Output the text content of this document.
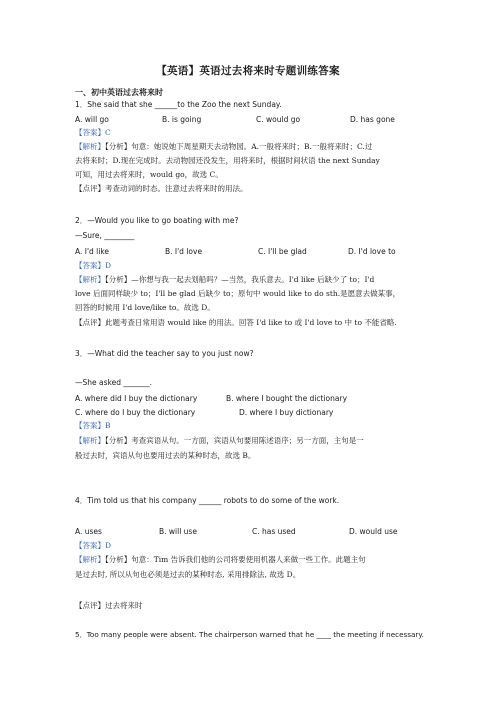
【英语】英语过去将来时专题训练答案
一、初中英语过去将来时
1．She said that she ______to the Zoo the next Sunday.
A. will go	B. is going	C. would go	D. has gone
【答案】C
【解析】【分析】句意：她说她下周星期天去动物园。A.一般将来时；B.一般将来时；C.过
去将来时；D.现在完成时。去动物园还没发生，用将来时，根据时间状语 the next Sunday
可知，用过去将来时，would go，故选 C。
【点评】考查动词的时态。注意过去将来时的用法。
2．—Would you like to go boating with me?
—Sure, ________
A. I'd like	B. I'd love	C. I'll be glad	D. I'd love to
【答案】D
【解析】【分析】—你想与我一起去划船吗？—当然，我乐意去。I'd like 后缺少了 to；I'd
love 后面同样缺少 to；I'll be glad 后缺少 to；原句中 would like to do sth.是愿意去做某事，
回答的时候用 I'd love/like to。故选 D。
【点评】此题考查日常用语 would like 的用法。回答 I'd like to 或 I'd love to 中 to 不能省略.
3．—What did the teacher say to you just now?
—She asked _______.
A. where did I buy the dictionary	B. where I bought the dictionary
C. where do I buy the dictionary	D. where I buy dictionary
【答案】B
【解析】【分析】考查宾语从句。一方面，宾语从句要用陈述语序；另一方面，主句是一
般过去时，宾语从句也要用过去的某种时态，故选 B。
4．Tim told us that his company ______ robots to do some of the work.
A. uses	B. will use	C. has used	D. would use
【答案】D
【解析】【分析】句意：Tim 告诉我们他的公司将要使用机器人来做一些工作。此题主句
是过去时, 所以从句也必须是过去的某种时态, 采用排除法, 故选 D。
【点评】过去将来时
5．Too many people were absent. The chairperson warned that he ____ the meeting if necessary.
